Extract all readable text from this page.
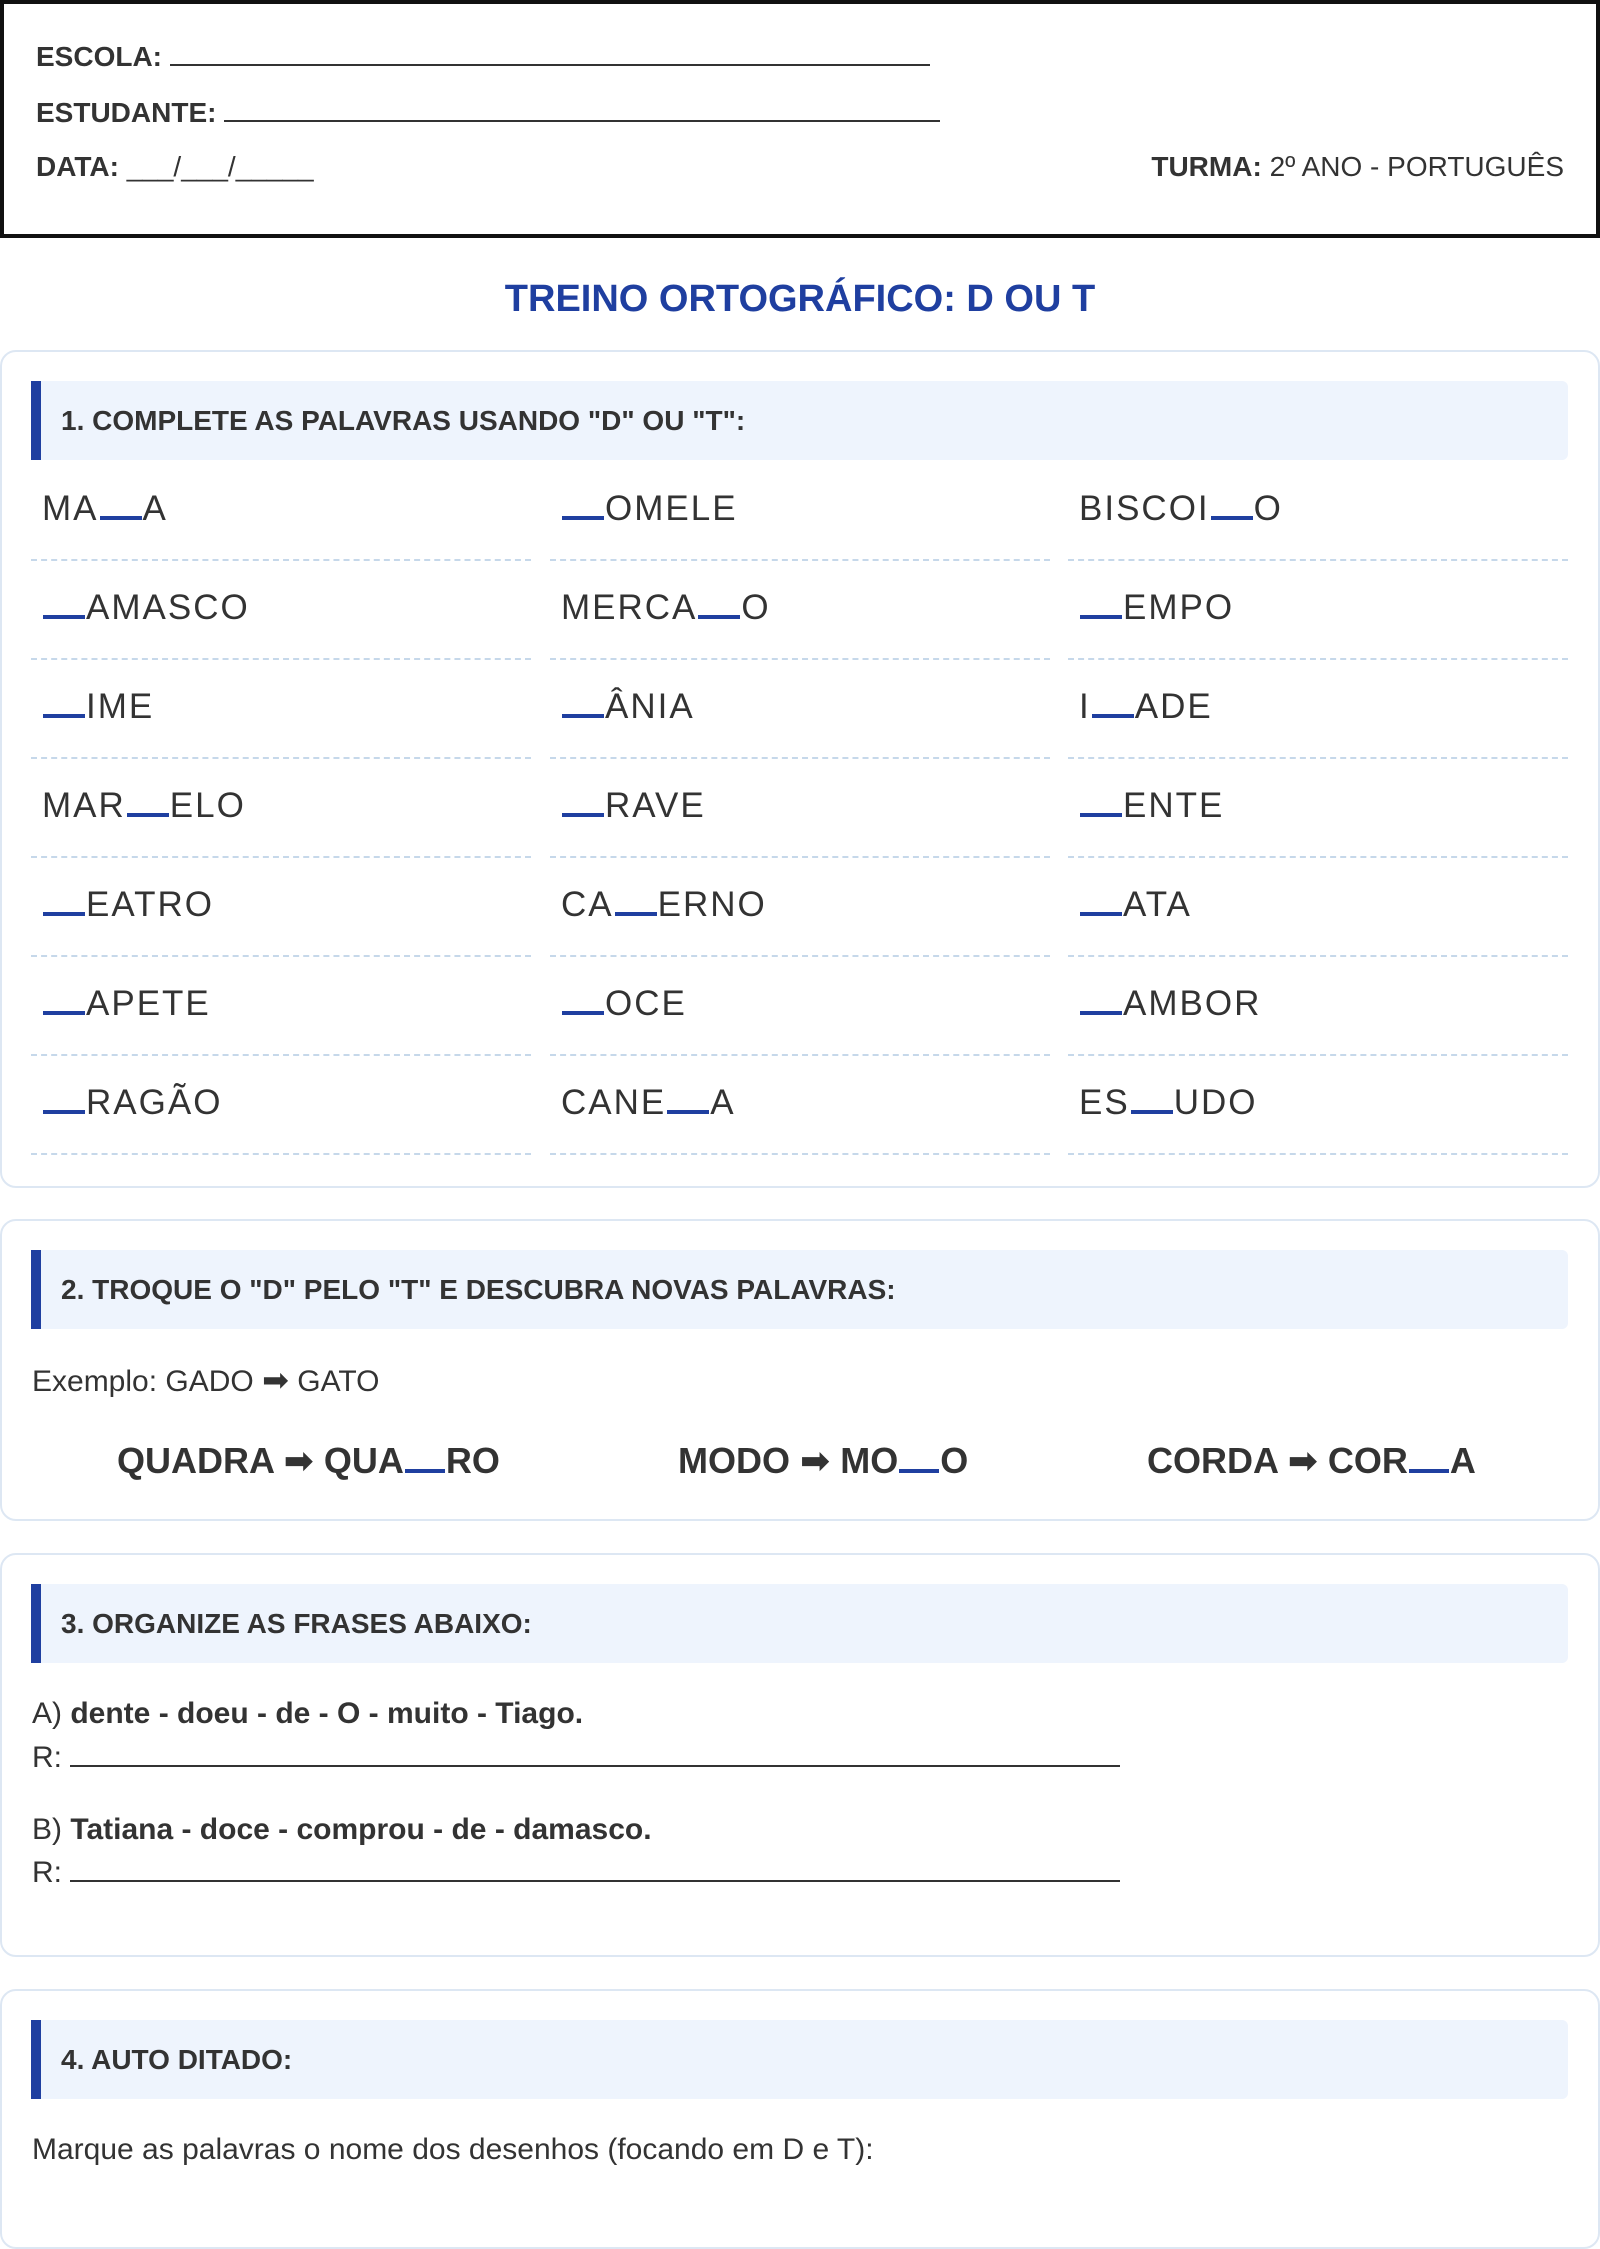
ESCOLA:
ESTUDANTE:
DATA: ___/___/_____	TURMA: 2º ANO - PORTUGUÊS
TREINO ORTOGRÁFICO: D OU T
1. COMPLETE AS PALAVRAS USANDO "D" OU "T":
MA A	OMELE	BISCOI O
AMASCO	MERCA O	EMPO
IME	ÂNIA	I ADE
MAR ELO	RAVE	ENTE
EATRO	CA ERNO	ATA
APETE	OCE	AMBOR
RAGÃO	CANE A	ES UDO
2. TROQUE O "D" PELO "T" E DESCUBRA NOVAS PALAVRAS:
Exemplo: GADO ➡ GATO
QUADRA ➡ QUA RO	MODO ➡ MO O	CORDA ➡ COR A
3. ORGANIZE AS FRASES ABAIXO:
A) dente - doeu - de - O - muito - Tiago.
R:
B) Tatiana - doce - comprou - de - damasco.
R:
4. AUTO DITADO:
Marque as palavras o nome dos desenhos (focando em D e T):
